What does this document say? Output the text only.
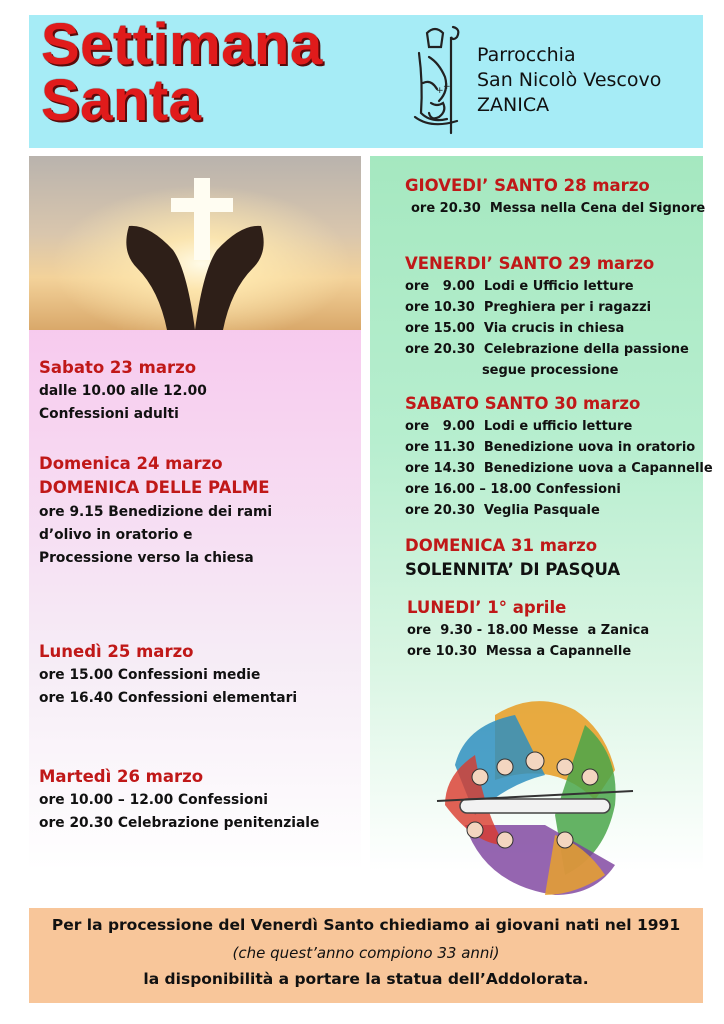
Settimana
Santa	+ +
Parrocchia
San Nicolò Vescovo
ZANICA
Sabato 23 marzo
dalle 10.00 alle 12.00
Confessioni adulti
Domenica 24 marzo
DOMENICA DELLE PALME
ore 9.15 Benedizione dei rami
d’olivo in oratorio e
Processione verso la chiesa
Lunedì 25 marzo
ore 15.00 Confessioni medie
ore 16.40 Confessioni elementari
Martedì 26 marzo
ore 10.00 – 12.00 Confessioni
ore 20.30 Celebrazione penitenziale
GIOVEDI’ SANTO 28 marzo
ore 20.30  Messa nella Cena del Signore
VENERDI’ SANTO 29 marzo
ore   9.00  Lodi e Ufficio letture
ore 10.30  Preghiera per i ragazzi
ore 15.00  Via crucis in chiesa
ore 20.30  Celebrazione della passione
segue processione
SABATO SANTO 30 marzo
ore   9.00  Lodi e ufficio letture
ore 11.30  Benedizione uova in oratorio
ore 14.30  Benedizione uova a Capannelle
ore 16.00 – 18.00 Confessioni
ore 20.30  Veglia Pasquale
DOMENICA 31 marzo
SOLENNITA’ DI PASQUA
LUNEDI’ 1° aprile
ore  9.30 - 18.00 Messe  a Zanica
ore 10.30  Messa a Capannelle
Per la processione del Venerdì Santo chiediamo ai giovani nati nel 1991
(che quest’anno compiono 33 anni)
la disponibilità a portare la statua dell’Addolorata.
